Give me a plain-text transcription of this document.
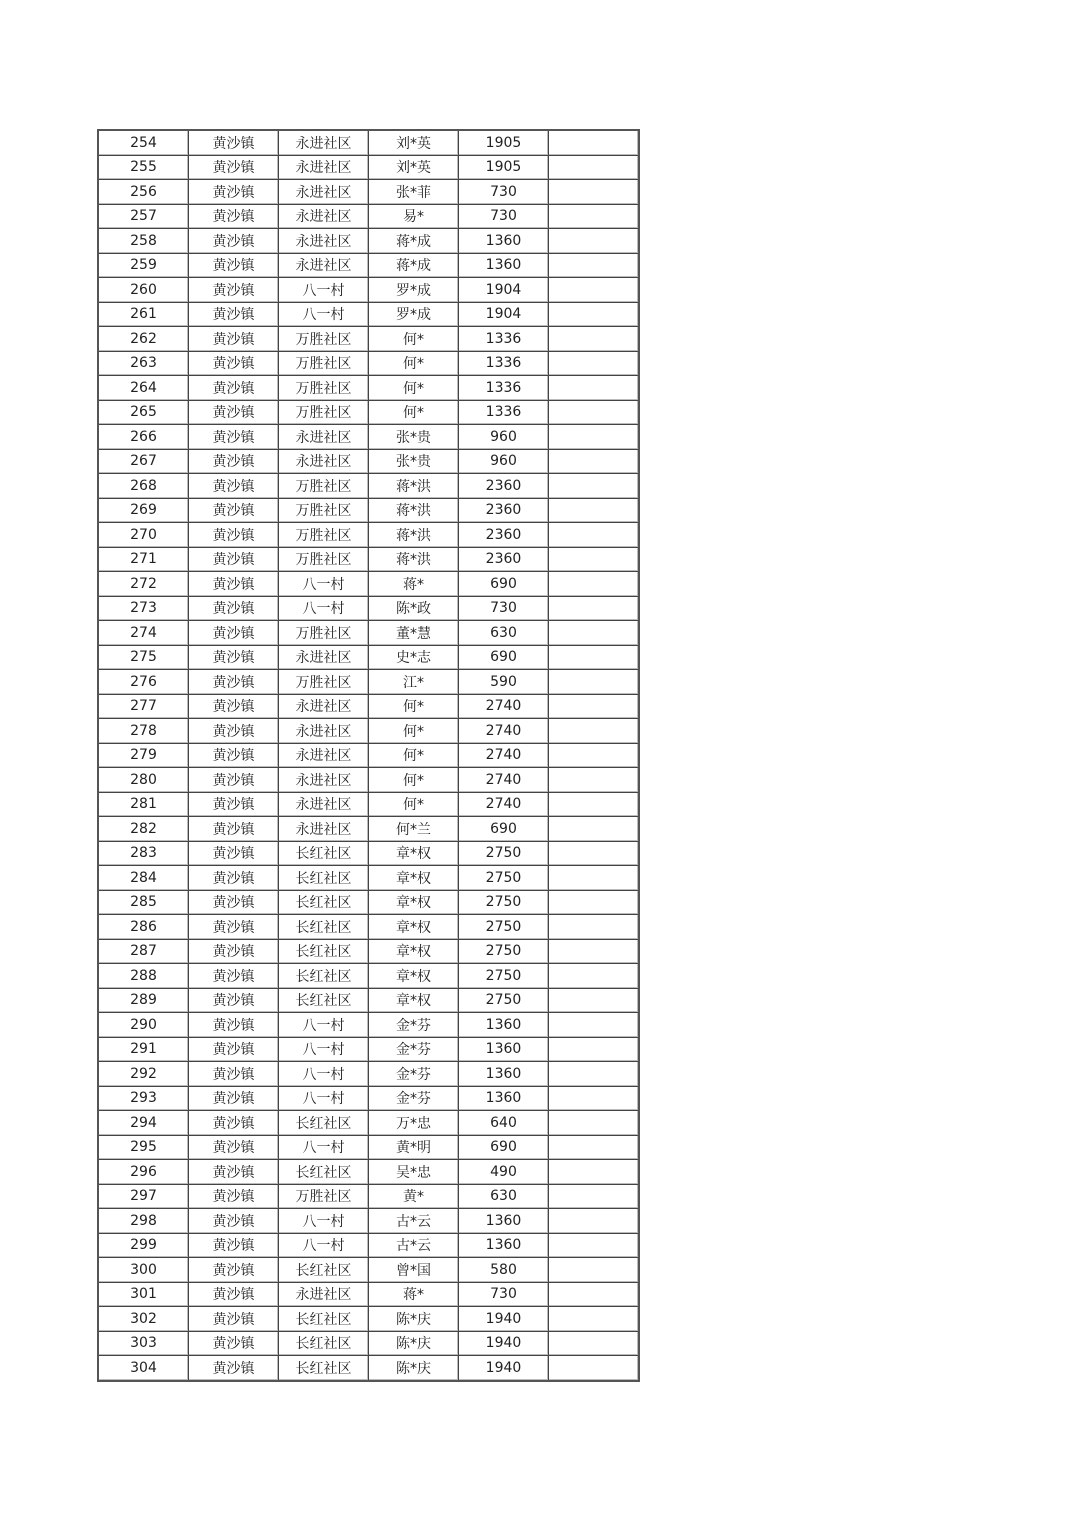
254	黄沙镇	永进社区	刘*英	1905	
255	黄沙镇	永进社区	刘*英	1905	
256	黄沙镇	永进社区	张*菲	730	
257	黄沙镇	永进社区	易*	730	
258	黄沙镇	永进社区	蒋*成	1360	
259	黄沙镇	永进社区	蒋*成	1360	
260	黄沙镇	八一村	罗*成	1904	
261	黄沙镇	八一村	罗*成	1904	
262	黄沙镇	万胜社区	何*	1336	
263	黄沙镇	万胜社区	何*	1336	
264	黄沙镇	万胜社区	何*	1336	
265	黄沙镇	万胜社区	何*	1336	
266	黄沙镇	永进社区	张*贵	960	
267	黄沙镇	永进社区	张*贵	960	
268	黄沙镇	万胜社区	蒋*洪	2360	
269	黄沙镇	万胜社区	蒋*洪	2360	
270	黄沙镇	万胜社区	蒋*洪	2360	
271	黄沙镇	万胜社区	蒋*洪	2360	
272	黄沙镇	八一村	蒋*	690	
273	黄沙镇	八一村	陈*政	730	
274	黄沙镇	万胜社区	董*慧	630	
275	黄沙镇	永进社区	史*志	690	
276	黄沙镇	万胜社区	江*	590	
277	黄沙镇	永进社区	何*	2740	
278	黄沙镇	永进社区	何*	2740	
279	黄沙镇	永进社区	何*	2740	
280	黄沙镇	永进社区	何*	2740	
281	黄沙镇	永进社区	何*	2740	
282	黄沙镇	永进社区	何*兰	690	
283	黄沙镇	长红社区	章*权	2750	
284	黄沙镇	长红社区	章*权	2750	
285	黄沙镇	长红社区	章*权	2750	
286	黄沙镇	长红社区	章*权	2750	
287	黄沙镇	长红社区	章*权	2750	
288	黄沙镇	长红社区	章*权	2750	
289	黄沙镇	长红社区	章*权	2750	
290	黄沙镇	八一村	金*芬	1360	
291	黄沙镇	八一村	金*芬	1360	
292	黄沙镇	八一村	金*芬	1360	
293	黄沙镇	八一村	金*芬	1360	
294	黄沙镇	长红社区	万*忠	640	
295	黄沙镇	八一村	黄*明	690	
296	黄沙镇	长红社区	吴*忠	490	
297	黄沙镇	万胜社区	黄*	630	
298	黄沙镇	八一村	古*云	1360	
299	黄沙镇	八一村	古*云	1360	
300	黄沙镇	长红社区	曾*国	580	
301	黄沙镇	永进社区	蒋*	730	
302	黄沙镇	长红社区	陈*庆	1940	
303	黄沙镇	长红社区	陈*庆	1940	
304	黄沙镇	长红社区	陈*庆	1940	
